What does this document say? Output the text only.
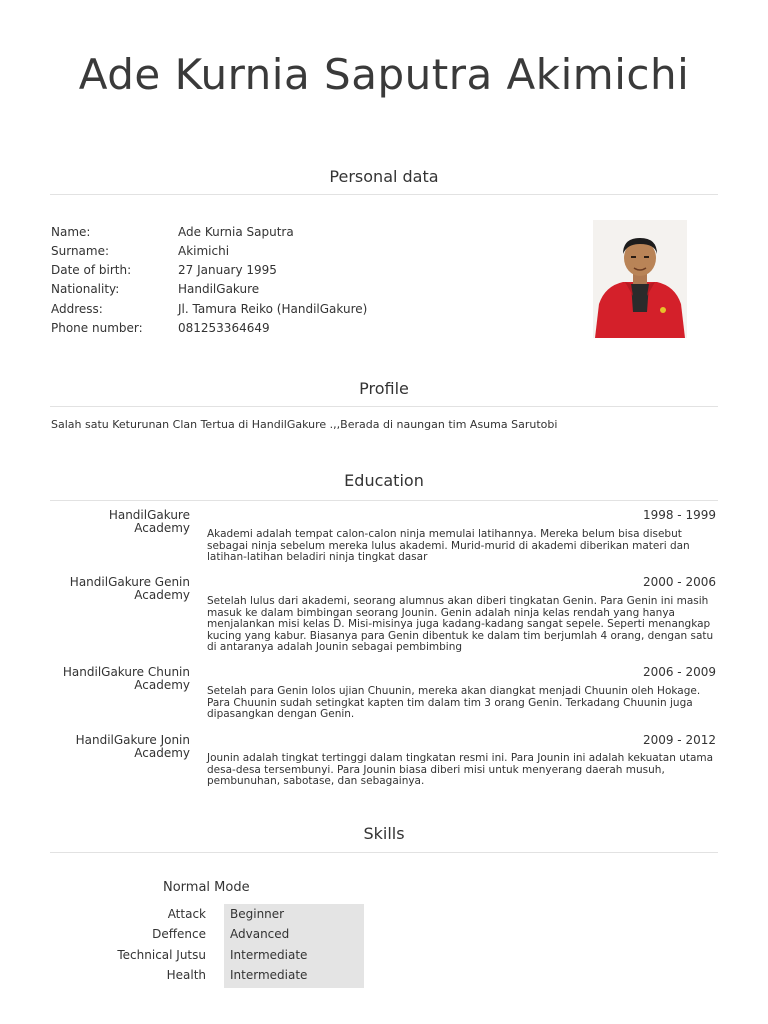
Ade Kurnia Saputra Akimichi
Personal data
Name:	Ade Kurnia Saputra
Surname:	Akimichi
Date of birth:	27 January 1995
Nationality:	HandilGakure
Address:	Jl. Tamura Reiko (HandilGakure)
Phone number:	081253364649
Profile
Salah satu Keturunan Clan Tertua di HandilGakure .,,Berada di naungan tim Asuma Sarutobi
Education
HandilGakure Academy
1998 - 1999
Akademi adalah tempat calon-calon ninja memulai latihannya. Mereka belum bisa disebut sebagai ninja sebelum mereka lulus akademi. Murid-murid di akademi diberikan materi dan latihan-latihan beladiri ninja tingkat dasar
HandilGakure Genin Academy
2000 - 2006
Setelah lulus dari akademi, seorang alumnus akan diberi tingkatan Genin. Para Genin ini masih masuk ke dalam bimbingan seorang Jounin. Genin adalah ninja kelas rendah yang hanya menjalankan misi kelas D. Misi-misinya juga kadang-kadang sangat sepele. Seperti menangkap kucing yang kabur. Biasanya para Genin dibentuk ke dalam tim berjumlah 4 orang, dengan satu di antaranya adalah Jounin sebagai pembimbing
HandilGakure Chunin Academy
2006 - 2009
Setelah para Genin lolos ujian Chuunin, mereka akan diangkat menjadi Chuunin oleh Hokage. Para Chuunin sudah setingkat kapten tim dalam tim 3 orang Genin. Terkadang Chuunin juga dipasangkan dengan Genin.
HandilGakure Jonin Academy
2009 - 2012
Jounin adalah tingkat tertinggi dalam tingkatan resmi ini. Para Jounin ini adalah kekuatan utama desa-desa tersembunyi. Para Jounin biasa diberi misi untuk menyerang daerah musuh, pembunuhan, sabotase, dan sebagainya.
Skills
Normal Mode
Attack Beginner
Deffence Advanced
Technical Jutsu Intermediate
Health Intermediate
